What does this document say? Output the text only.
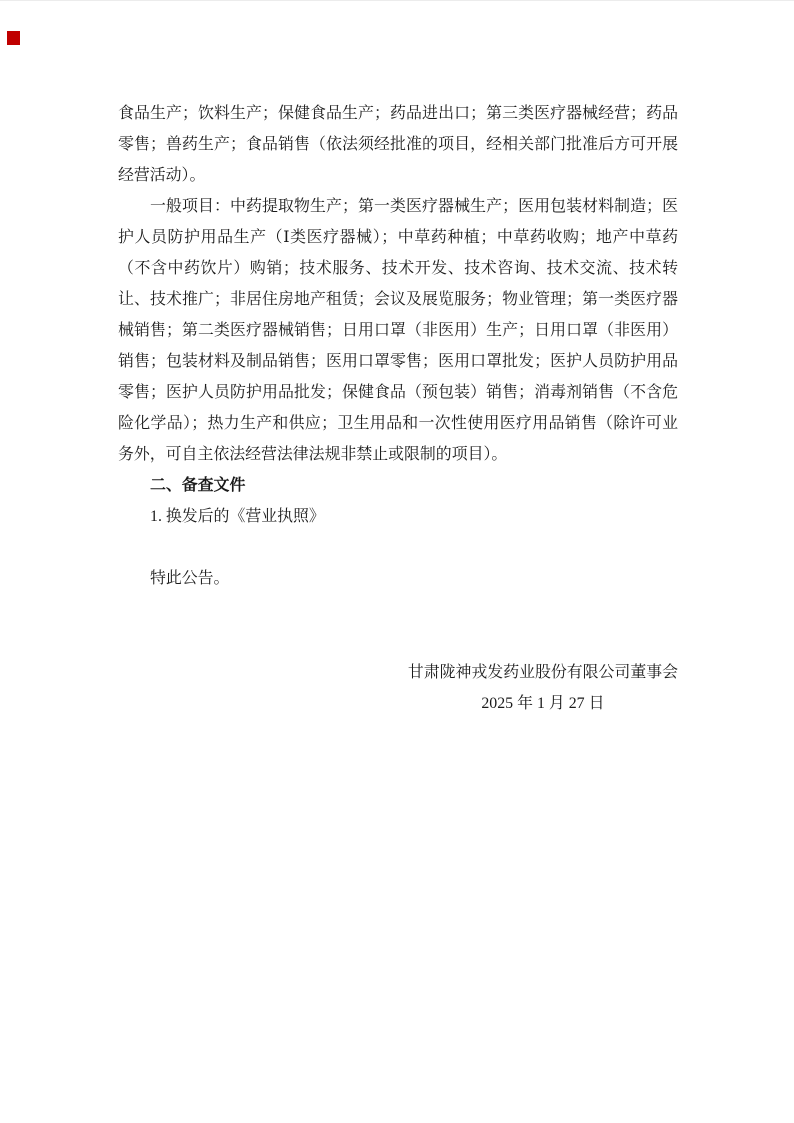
食品生产；饮料生产；保健食品生产；药品进出口；第三类医疗器械经营；药品零售；兽药生产；食品销售（依法须经批准的项目，经相关部门批准后方可开展经营活动）。

一般项目：中药提取物生产；第一类医疗器械生产；医用包装材料制造；医护人员防护用品生产（Ⅰ类医疗器械）；中草药种植；中草药收购；地产中草药（不含中药饮片）购销；技术服务、技术开发、技术咨询、技术交流、技术转让、技术推广；非居住房地产租赁；会议及展览服务；物业管理；第一类医疗器械销售；第二类医疗器械销售；日用口罩（非医用）生产；日用口罩（非医用）销售；包装材料及制品销售；医用口罩零售；医用口罩批发；医护人员防护用品零售；医护人员防护用品批发；保健食品（预包装）销售；消毒剂销售（不含危险化学品）；热力生产和供应；卫生用品和一次性使用医疗用品销售（除许可业务外，可自主依法经营法律法规非禁止或限制的项目）。

二、备查文件

1. 换发后的《营业执照》

特此公告。

甘肃陇神戎发药业股份有限公司董事会
2025 年 1 月 27 日
